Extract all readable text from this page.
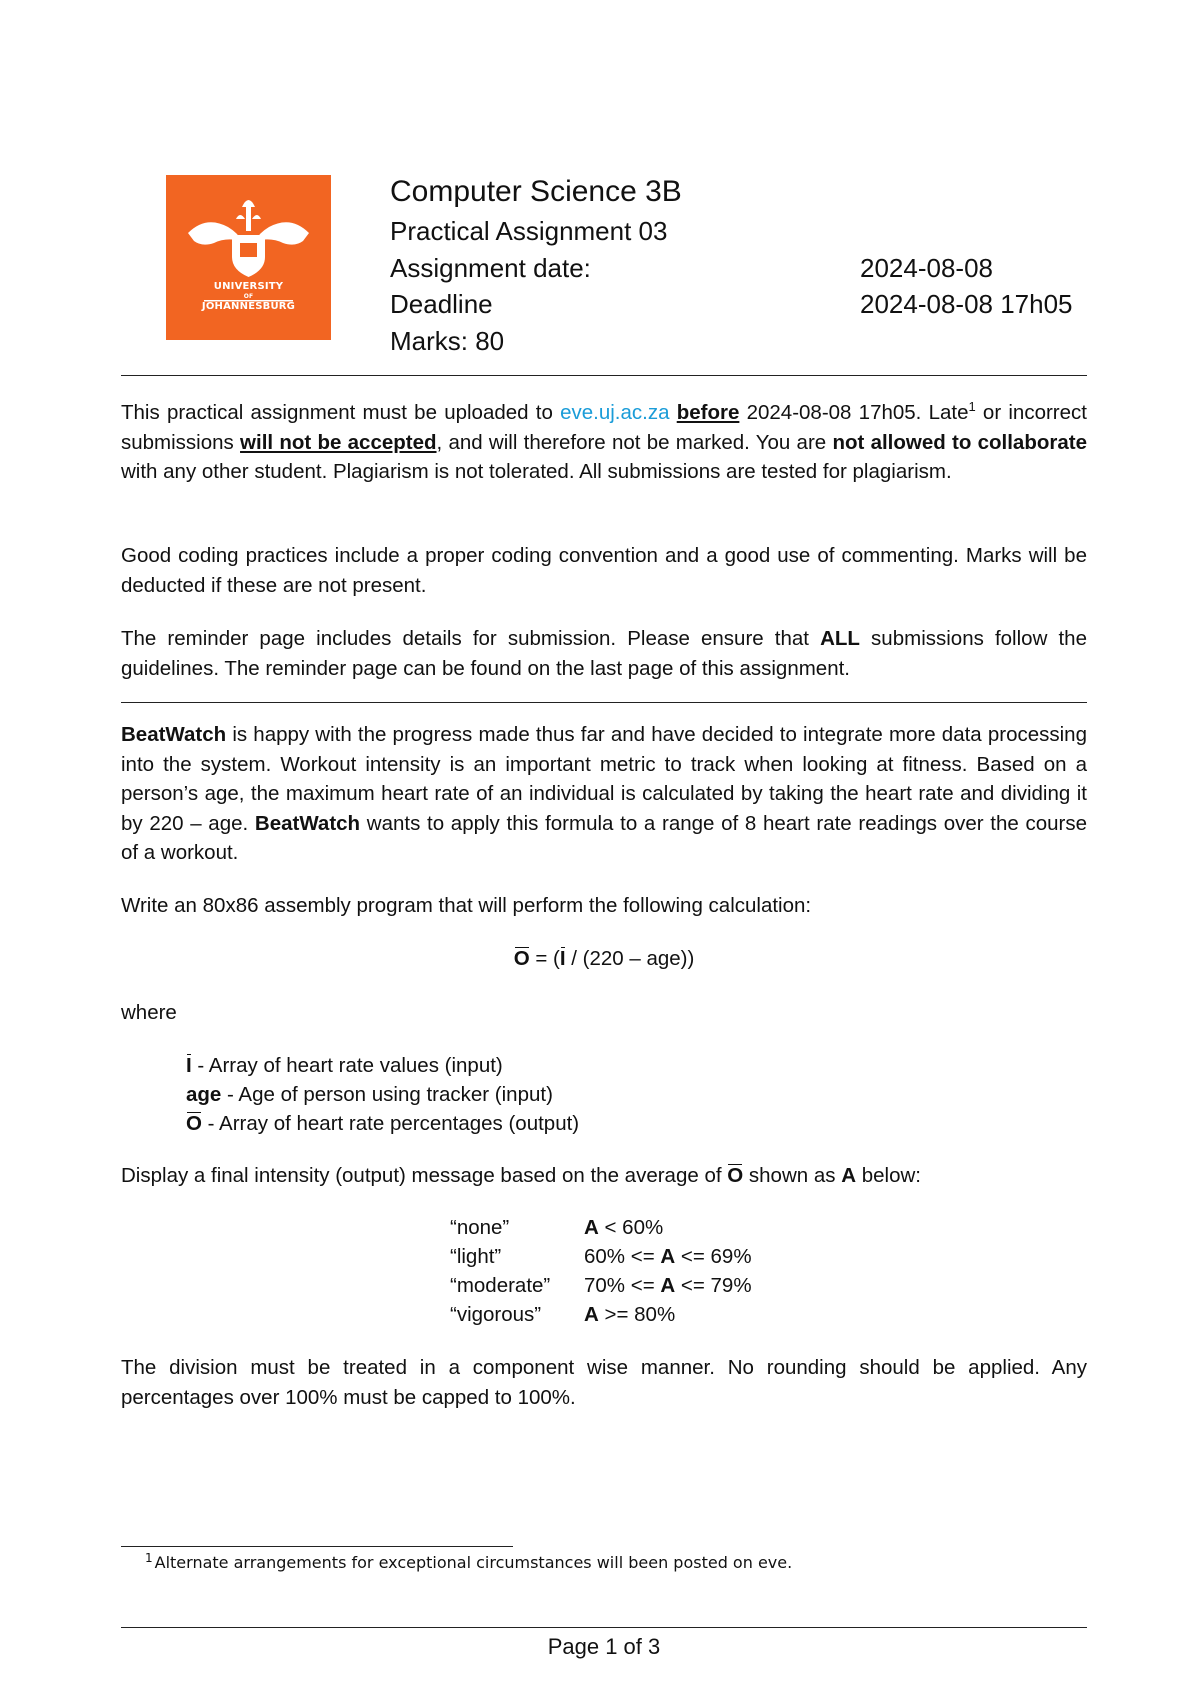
UNIVERSITY
OF
JOHANNESBURG
Computer Science 3B
Practical Assignment 03
Assignment date:	2024-08-08
Deadline	2024-08-08 17h05
Marks: 80
This practical assignment must be uploaded to eve.uj.ac.za before 2024-08-08 17h05. Late$^1$ or incorrect submissions will not be accepted, and will therefore not be marked. You are not allowed to collaborate with any other student. Plagiarism is not tolerated. All submissions are tested for plagiarism.
Good coding practices include a proper coding convention and a good use of commenting. Marks will be deducted if these are not present.
The reminder page includes details for submission. Please ensure that ALL submissions follow the guidelines. The reminder page can be found on the last page of this assignment.
BeatWatch is happy with the progress made thus far and have decided to integrate more data processing into the system. Workout intensity is an important metric to track when looking at fitness. Based on a person’s age, the maximum heart rate of an individual is calculated by taking the heart rate and dividing it by 220 – age. BeatWatch wants to apply this formula to a range of 8 heart rate readings over the course of a workout.
Write an 80x86 assembly program that will perform the following calculation:
O = (I / (220 – age))
where
I - Array of heart rate values (input)
age - Age of person using tracker (input)
O - Array of heart rate percentages (output)
Display a final intensity (output) message based on the average of O shown as A below:
“none”	A < 60%
“light”	60% <= A <= 69%
“moderate” 70% <= A <= 79%
“vigorous” A >= 80%
The division must be treated in a component wise manner. No rounding should be applied. Any percentages over 100% must be capped to 100%.
$^1$ Alternate arrangements for exceptional circumstances will been posted on eve.
Page 1 of 3
